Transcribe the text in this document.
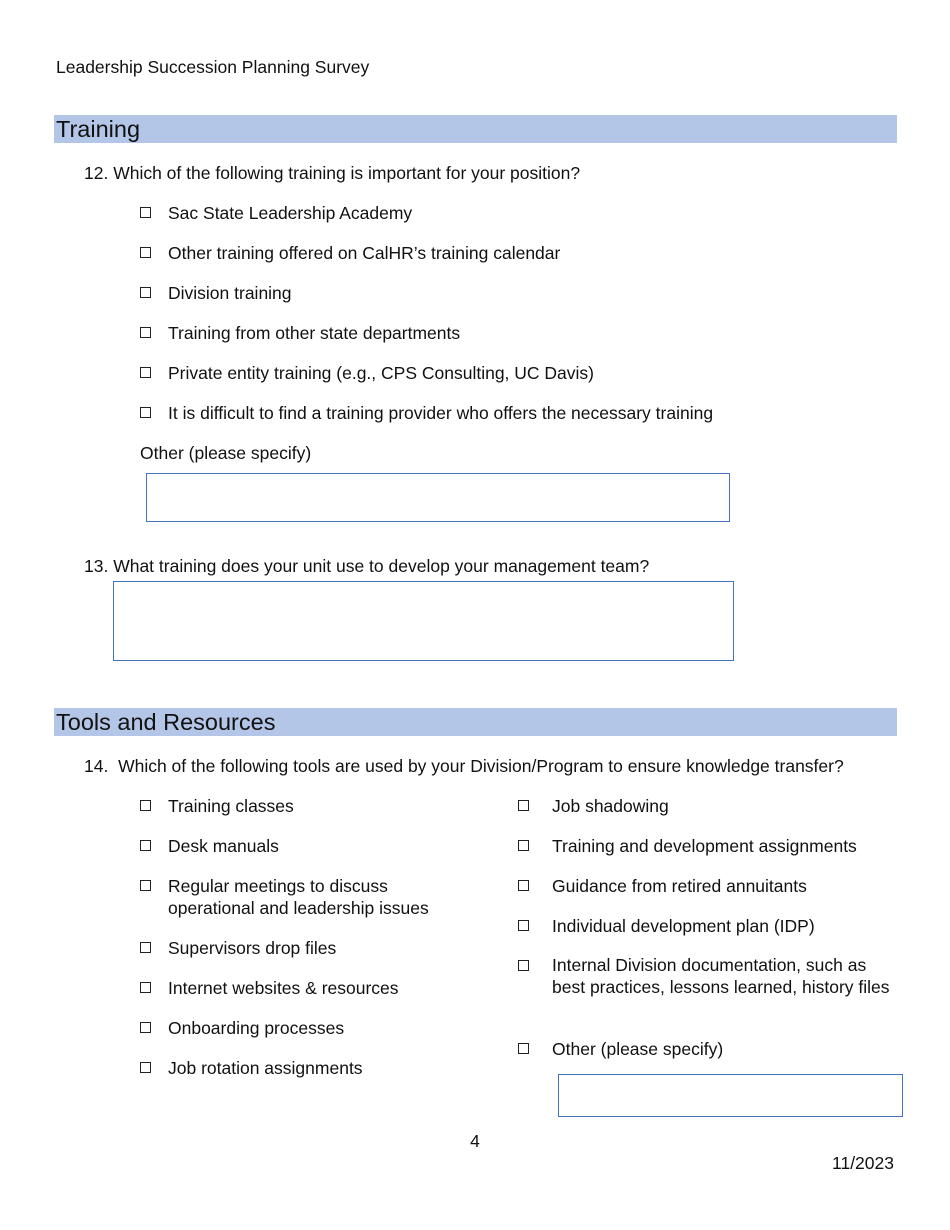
Leadership Succession Planning Survey
Training
12. Which of the following training is important for your position?
Sac State Leadership Academy
Other training offered on CalHR’s training calendar
Division training
Training from other state departments
Private entity training (e.g., CPS Consulting, UC Davis)
It is difficult to find a training provider who offers the necessary training
Other (please specify)
13. What training does your unit use to develop your management team?
Tools and Resources
14. Which of the following tools are used by your Division/Program to ensure knowledge transfer?
Training classes
Desk manuals
Regular meetings to discuss operational and leadership issues
Supervisors drop files
Internet websites & resources
Onboarding processes
Job rotation assignments
Job shadowing
Training and development assignments
Guidance from retired annuitants
Individual development plan (IDP)
Internal Division documentation, such as best practices, lessons learned, history files
Other (please specify)
4
11/2023
